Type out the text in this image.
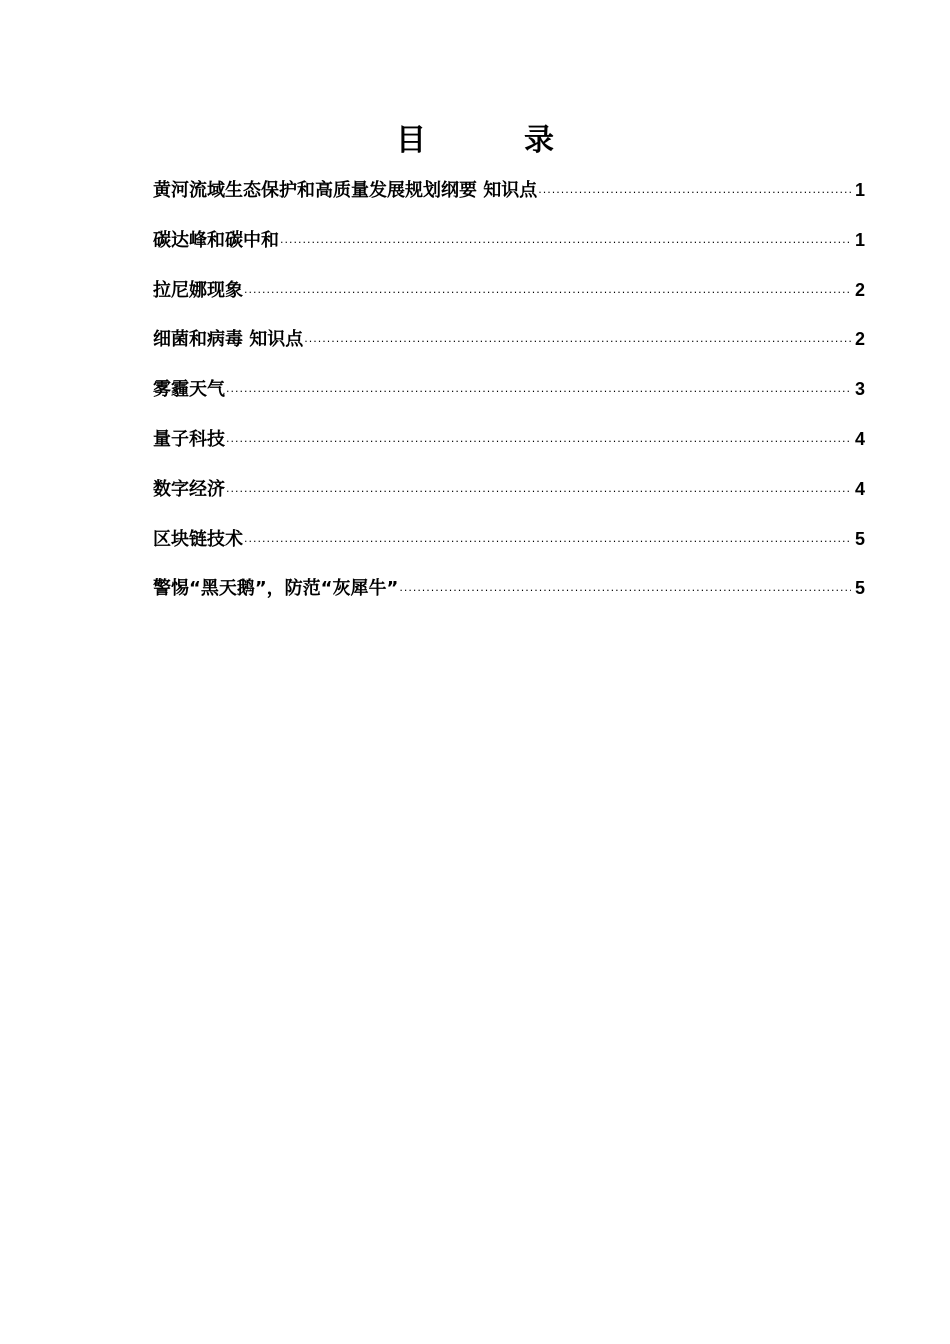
目　录
黄河流域生态保护和高质量发展规划纲要 知识点 ·····	1
碳达峰和碳中和 ·····	1
拉尼娜现象 ·····	2
细菌和病毒 知识点 ·····	2
雾霾天气 ·····	3
量子科技 ·····	4
数字经济 ·····	4
区块链技术 ·····	5
警惕“黑天鹅”，防范“灰犀牛” ·····	5
